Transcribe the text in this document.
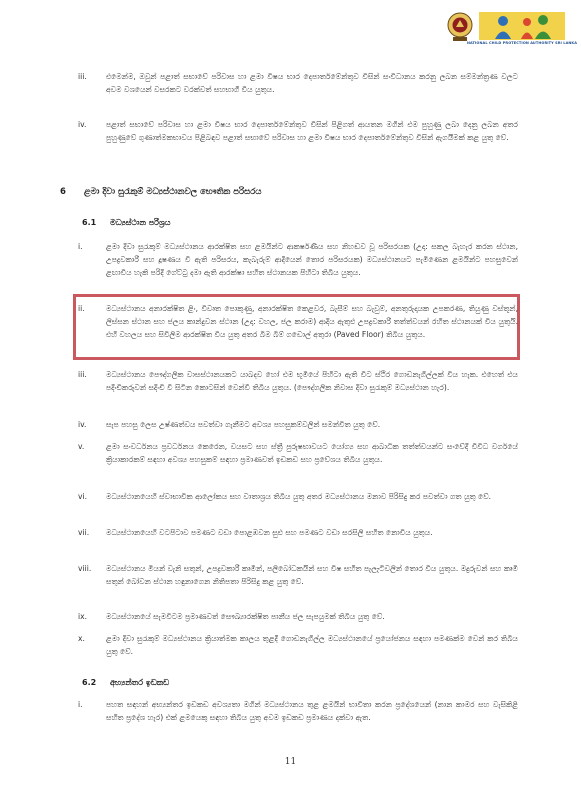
NATIONAL CHILD PROTECTION AUTHORITY SRI LANKA
iii.	එමෙන්ම, ඔවුන් පළාත් සභාවේ පරිවාස හා ළමා විෂය භාර දෙපාර්තමේන්තුව විසින් සංවිධානය කරනු ලබන සම්මන්ත්‍රණ වලට අවම වශයෙන් වසරකට වරක්වත් සහභාගී විය යුතුය.
iv.	පළාත් සභාවේ පරිවාස හා ළමා විෂය භාර දෙපාර්තමේන්තුව විසින් පිළිගත් ආයතන මගින් එම පුහුණු ලබා දෙනු ලබන අතර පුහුණුවේ ගුණාත්මකභාවය පිළිබඳව පළාත් සභාවේ පරිවාස හා ළමා විෂය භාර දෙපාර්තමේන්තුව විසින් ඇගයීමක් කළ යුතු වේ.
6	ළමා දිවා සුරැකුම් මධ්‍යස්ථානවල භෞතික පරිසරය
6.1	මධ්‍යස්ථාන පරිශ්‍රය
i.	ළමා දිවා සුරැකුම් මධ්‍යස්ථානය ආරක්ෂිත සහ ළමයින්ට ආකර්ෂණීය සහ නිහඬව වූ පරිසරයක (උදා: සකල බැහැර කරන ස්ථාන, උපද්‍රවකාරී සහ දූෂණය වී ඇති පරිසරය, කැබැරුම් ආදියෙන් තොර පරිසරයක) මධ්‍යස්ථානයට පැමිණෙන ළමයින්ට පහසුවෙන් ළඟාවිය හැකි පරිදි ගේට්ටු දමා ඇති ආරක්ෂා සහිත ස්ථානයක පිහිටා තිබිය යුතුය.
ii.	මධ්‍යස්ථානය අනාරක්ෂිත ළිං, විවෘත පොකුණු, අනාරක්ෂිත කෙළවර, බැසීම් සහ බැවුම්, අනතුරුදායක උපකරණ, තියුණු වස්තූන්, ලිස්සන ස්ථාන සහ ජලය කාන්දුවන ස්ථාන (උදා: වහල, ජල කරාම) ආදිය ඇතුළු උපද්‍රවකාරී තත්ත්වයන් රහිත ස්ථානයක් විය යුතුයි. එහි වහලය සහ සිවිලිම ආරක්ෂිත විය යුතු අතර බිම බිම් ගඩොල් අතුරා (Paved Floor) තිබිය යුතුය.
iii.	මධ්‍යස්ථානය පෞද්ගලික වාසස්ථානයකට යාබදව හෝ එම භූමියේ පිහිටා ඇති විට ස්ථිර ගොඩනැගිල්ලක් විය හැක. එහෙත් එය පදිංචිකරුවන් සදිංචි වී සිටින කොටසින් වෙන්වී තිබිය යුතුය. (පෞද්ගලික නිවාස දිවා සුරැකුම් මධ්‍යස්ථාන හැර).
iv.	සැප පහසු ලෙස උෂ්ණත්වය පවත්වා ගැනීමට අවශ්‍ය පහසුකම්වලින් සමන්විත යුතු වේ.
v.	ළමා සංවර්ධනය ප්‍රවර්ධනය කෙරෙන, වයසට සහ ස්ත්‍රී පුරුෂභාවයට යෝග්‍ය සහ ආබාධික තත්ත්වයන්ට සංවේදී විවිධ වර්ගයේ ක්‍රියාකාරකම් සඳහා අවශ්‍ය පහසුකම් සඳහා ප්‍රමාණවත් ඉඩකඩ සහ ප්‍රවේශය තිබිය යුතුය.
vi.	මධ්‍යස්ථානයෙහි ස්වාභාවික ආලෝකය සහ වාතාශ්‍රය තිබිය යුතු අතර මධ්‍යස්ථානය මනාව පිරිසිදු කර පවත්වා ගත යුතු වේ.
vii.	මධ්‍යස්ථානයෙහි වටපිටාව පමණට වඩා පොළඹවන සුළු සහ පමණට වඩා සරසිලි සහිත නොවිය යුතුය.
viii.	මධ්‍යස්ථානය මියන් වැනි සතුන්, උපද්‍රවකාරී කෘමීන්, පලිබෝධකයින් සහ විෂ සහිත පැලෑටිවලින් තොර විය යුතුය. මදුරුවන් සහ කෘමි සතුන් බෝවන ස්ථාන හඳුනාගෙන නිතිපතා පිරිසිදු කළ යුතු වේ.
ix.	මධ්‍යස්ථානයේ සැමවිටම ප්‍රමාණවත් සෞඛ්‍යාරක්ෂිත පානීය ජල සැපයුමක් තිබිය යුතු වේ.
x.	ළමා දිවා සුරැකුම් මධ්‍යස්ථානය ක්‍රියාත්මක කාලය තුළදී ගොඩනැගිල්ල මධ්‍යස්ථානයේ ප්‍රයෝජනය සඳහා පමණක්ම වෙන් කර තිබිය යුතු වේ.
6.2	අභ්‍යන්තර ඉඩකඩ
i.	පහත සඳහන් අභ්‍යන්තර ඉඩකඩ අවශ්‍යතා මගින් මධ්‍යස්ථානය තුළ ළමයින් භාවිතා කරන ප්‍රදේශයෙන් (නාන කාමර සහ වැසිකිළි සහිත ප්‍රදේශ හැර) එක් ළමයෙකු සඳහා තිබිය යුතු අවම ඉඩකඩ ප්‍රමාණය දක්වා ඇත.
11
